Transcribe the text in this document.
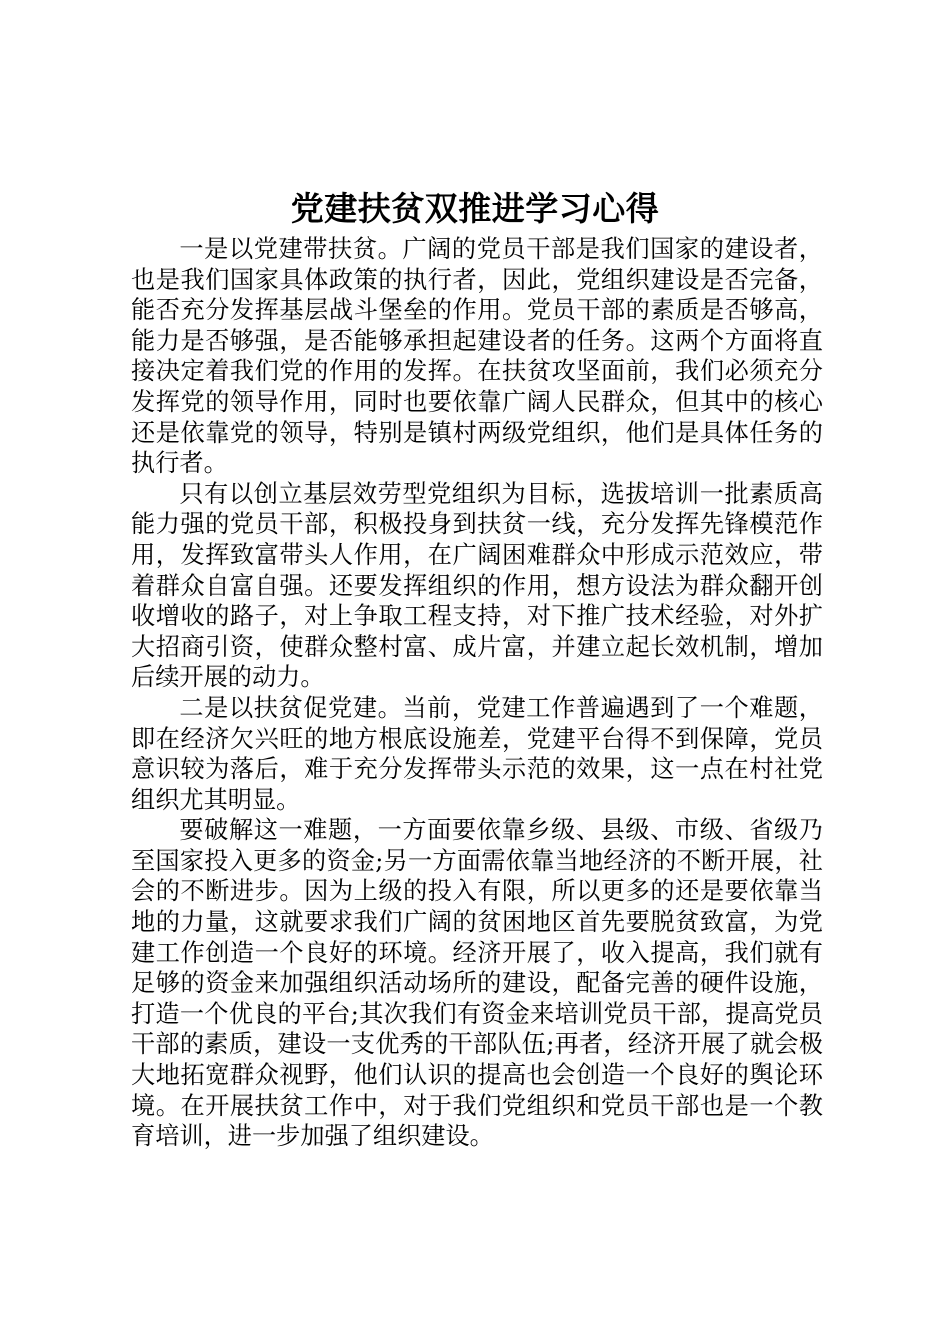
党建扶贫双推进学习心得

一是以党建带扶贫。广阔的党员干部是我们国家的建设者，也是我们国家具体政策的执行者，因此，党组织建设是否完备，能否充分发挥基层战斗堡垒的作用。党员干部的素质是否够高，能力是否够强，是否能够承担起建设者的任务。这两个方面将直接决定着我们党的作用的发挥。在扶贫攻坚面前，我们必须充分发挥党的领导作用，同时也要依靠广阔人民群众，但其中的核心还是依靠党的领导，特别是镇村两级党组织，他们是具体任务的执行者。

只有以创立基层效劳型党组织为目标，选拔培训一批素质高能力强的党员干部，积极投身到扶贫一线，充分发挥先锋模范作用，发挥致富带头人作用，在广阔困难群众中形成示范效应，带着群众自富自强。还要发挥组织的作用，想方设法为群众翻开创收增收的路子，对上争取工程支持，对下推广技术经验，对外扩大招商引资，使群众整村富、成片富，并建立起长效机制，增加后续开展的动力。

二是以扶贫促党建。当前，党建工作普遍遇到了一个难题，即在经济欠兴旺的地方根底设施差，党建平台得不到保障，党员意识较为落后，难于充分发挥带头示范的效果，这一点在村社党组织尤其明显。

要破解这一难题，一方面要依靠乡级、县级、市级、省级乃至国家投入更多的资金;另一方面需依靠当地经济的不断开展，社会的不断进步。因为上级的投入有限，所以更多的还是要依靠当地的力量，这就要求我们广阔的贫困地区首先要脱贫致富，为党建工作创造一个良好的环境。经济开展了，收入提高，我们就有足够的资金来加强组织活动场所的建设，配备完善的硬件设施，打造一个优良的平台;其次我们有资金来培训党员干部，提高党员干部的素质，建设一支优秀的干部队伍;再者，经济开展了就会极大地拓宽群众视野，他们认识的提高也会创造一个良好的舆论环境。在开展扶贫工作中，对于我们党组织和党员干部也是一个教育培训，进一步加强了组织建设。
